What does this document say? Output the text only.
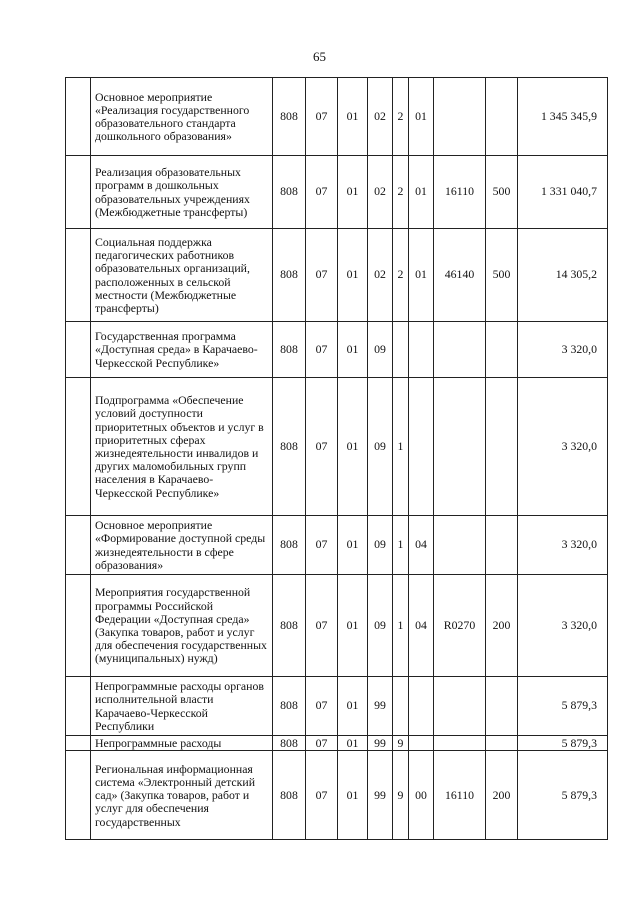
65
	Основное мероприятие «Реализация государственного образовательного стандарта дошкольного образования»	808	07	01	02	2	01			1 345 345,9
	Реализация образовательных программ в дошкольных образовательных учреждениях (Межбюджетные трансферты)	808	07	01	02	2	01	16110	500	1 331 040,7
	Социальная поддержка педагогических работников образовательных организаций, расположенных в сельской местности (Межбюджетные трансферты)	808	07	01	02	2	01	46140	500	14 305,2
	Государственная программа «Доступная среда» в Карачаево-Черкесской Республике»	808	07	01	09					3 320,0
	Подпрограмма «Обеспечение условий доступности приоритетных объектов и услуг в приоритетных сферах жизнедеятельности инвалидов и других маломобильных групп населения в Карачаево-Черкесской Республике»	808	07	01	09	1				3 320,0
	Основное мероприятие «Формирование доступной среды жизнедеятельности в сфере образования»	808	07	01	09	1	04			3 320,0
	Мероприятия государственной программы Российской Федерации «Доступная среда» (Закупка товаров, работ и услуг для обеспечения государственных (муниципальных) нужд)	808	07	01	09	1	04	R0270	200	3 320,0
	Непрограммные расходы органов исполнительной власти Карачаево-Черкесской Республики	808	07	01	99					5 879,3
	Непрограммные расходы	808	07	01	99	9				5 879,3
	Региональная информационная система «Электронный детский сад» (Закупка товаров, работ и услуг для обеспечения государственных	808	07	01	99	9	00	16110	200	5 879,3
